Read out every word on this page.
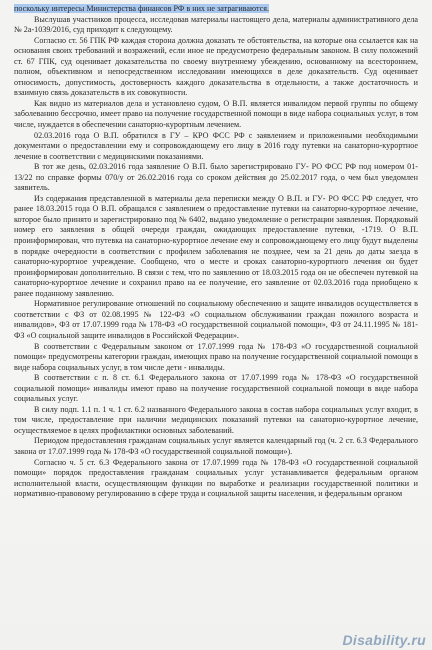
поскольку интересы Министерства финансов РФ в них не затрагиваются.

Выслушав участников процесса, исследовав материалы настоящего дела, материалы административного дела № 2а-1039/2016, суд приходит к следующему.

Согласно ст. 56 ГПК РФ каждая сторона должна доказать те обстоятельства, на которые она ссылается как на основания своих требований и возражений, если иное не предусмотрено федеральным законом. В силу положений ст. 67 ГПК, суд оценивает доказательства по своему внутреннему убеждению, основанному на всестороннем, полном, объективном и непосредственном исследовании имеющихся в деле доказательств. Суд оценивает относимость, допустимость, достоверность каждого доказательства в отдельности, а также достаточность и взаимную связь доказательств в их совокупности.

Как видно из материалов дела и установлено судом, О В.П. является инвалидом первой группы по общему заболеванию бессрочно, имеет право на получение государственной помощи в виде набора социальных услуг, в том числе, нуждается в обеспечении санаторно-курортным лечением.

02.03.2016 года О В.П. обратился в ГУ – КРО ФСС РФ с заявлением и приложенными необходимыми документами о предоставлении ему и сопровождающему его лицу в 2016 году путевки на санаторно-курортное лечение в соответствии с медицинскими показаниями.

В тот же день, 02.03.2016 года заявление О В.П. было зарегистрировано ГУ- РО ФСС РФ под номером 01-13/22 по справке формы 070/у от 26.02.2016 года со сроком действия до 25.02.2017 года, о чем был уведомлен заявитель.

Из содержания представленной в материалы дела переписки между О В.П. и ГУ- РО ФСС РФ следует, что ранее 18.03.2015 года О В.П. обращался с заявлением о предоставление путевки на санаторно-курортное лечение, которое было принято и зарегистрировано под № 6402, выдано уведомление о регистрации заявления. Порядковый номер его заявления в общей очереди граждан, ожидающих предоставление путевки, -1719. О В.П. проинформирован, что путевка на санаторно-курортное лечение ему и сопровождающему его лицу будут выделены в порядке очередности в соответствии с профилем заболевания не позднее, чем за 21 день до даты заезда в санаторно-курортное учреждение. Сообщено, что о месте и сроках санаторно-курортного лечения он будет проинформирован дополнительно. В связи с тем, что по заявлению от 18.03.2015 года он не обеспечен путевкой на санаторно-курортное лечение и сохранил право на ее получение, его заявление от 02.03.2016 года приобщено к ранее поданному заявлению.

Нормативное регулирование отношений по социальному обеспечению и защите инвалидов осуществляется в соответствии с ФЗ от 02.08.1995 № 122-ФЗ «О социальном обслуживании граждан пожилого возраста и инвалидов», ФЗ от 17.07.1999 года № 178-ФЗ «О государственной социальной помощи», ФЗ от 24.11.1995 № 181-ФЗ «О социальной защите инвалидов в Российской Федерации».

В соответствии с Федеральным законом от 17.07.1999 года № 178-ФЗ «О государственной социальной помощи» предусмотрены категории граждан, имеющих право на получение государственной социальной помощи в виде набора социальных услуг, в том числе дети - инвалиды.

В соответствии с п. 8 ст. 6.1 Федерального закона от 17.07.1999 года № 178-ФЗ «О государственной социальной помощи» инвалиды имеют право на получение государственной социальной помощи в виде набора социальных услуг.

В силу подп. 1.1 п. 1 ч. 1 ст. 6.2 названного Федерального закона в состав набора социальных услуг входит, в том числе, предоставление при наличии медицинских показаний путевки на санаторно-курортное лечение, осуществляемое в целях профилактики основных заболеваний.

Периодом предоставления гражданам социальных услуг является календарный год (ч. 2 ст. 6.3 Федерального закона от 17.07.1999 года № 178-ФЗ «О государственной социальной помощи»).

Согласно ч. 5 ст. 6.3 Федерального закона от 17.07.1999 года № 178-ФЗ «О государственной социальной помощи» порядок предоставления гражданам социальных услуг устанавливается федеральным органом исполнительной власти, осуществляющим функции по выработке и реализации государственной политики и нормативно-правовому регулированию в сфере труда и социальной защиты населения, и федеральным органом

Disability.ru
